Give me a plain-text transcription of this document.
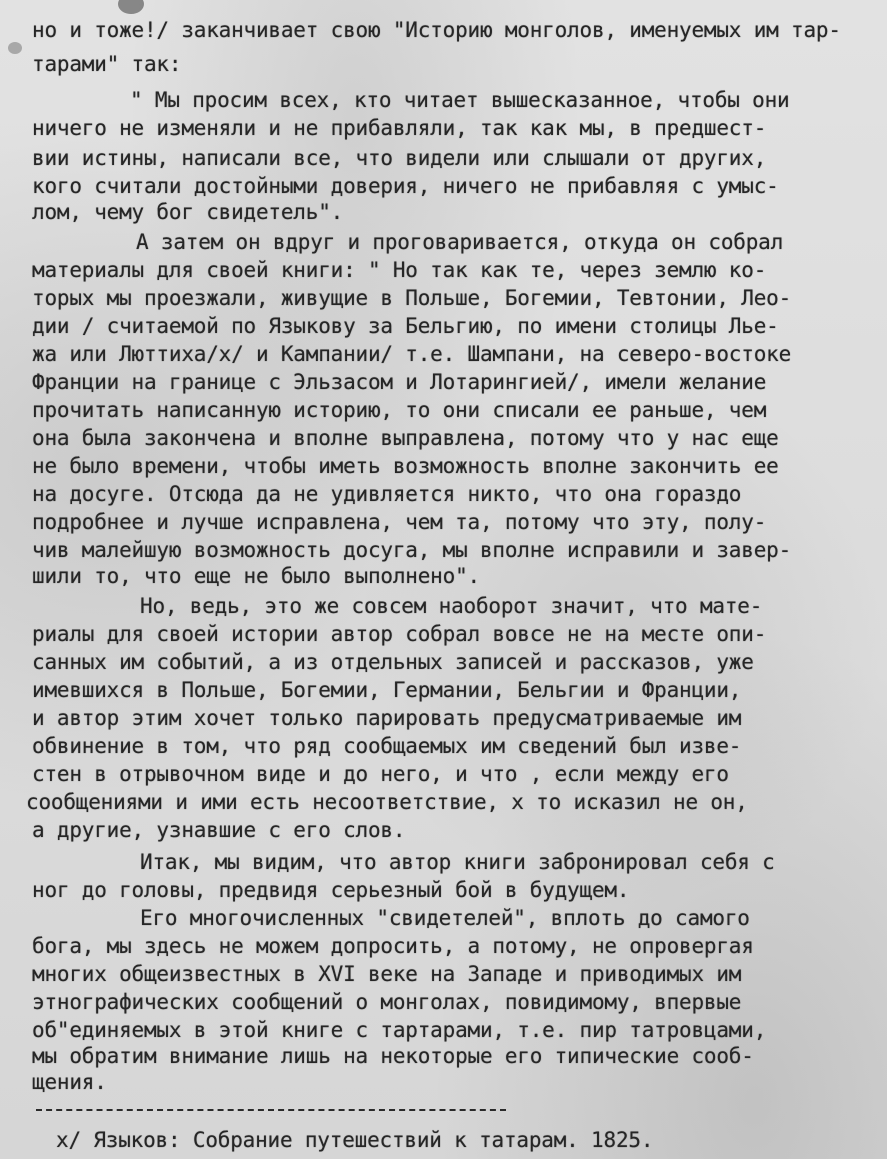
но и тоже!/ заканчивает свою "Историю монголов, именуемых им тар-
тарами" так:
" Мы просим всех, кто читает вышесказанное, чтобы они
ничего не изменяли и не прибавляли, так как мы, в предшест-
вии истины, написали все, что видели или слышали от других,
кого считали достойными доверия, ничего не прибавляя с умыс-
лом, чему бог свидетель".
А затем он вдруг и проговаривается, откуда он собрал
материалы для своей книги: " Но так как те, через землю ко-
торых мы проезжали, живущие в Польше, Богемии, Тевтонии, Лео-
дии / считаемой по Языкову за Бельгию, по имени столицы Лье-
жа или Люттиха/х/ и Кампании/ т.е. Шампани, на северо-востоке
Франции на границе с Эльзасом и Лотарингией/, имели желание
прочитать написанную историю, то они списали ее раньше, чем
она была закончена и вполне выправлена, потому что у нас еще
не было времени, чтобы иметь возможность вполне закончить ее
на досуге. Отсюда да не удивляется никто, что она гораздо
подробнее и лучше исправлена, чем та, потому что эту, полу-
чив малейшую возможность досуга, мы вполне исправили и завер-
шили то, что еще не было выполнено".
Но, ведь, это же совсем наоборот значит, что мате-
риалы для своей истории автор собрал вовсе не на месте опи-
санных им событий, а из отдельных записей и рассказов, уже
имевшихся в Польше, Богемии, Германии, Бельгии и Франции,
и автор этим хочет только парировать предусматриваемые им
обвинение в том, что ряд сообщаемых им сведений был изве-
стен в отрывочном виде и до него, и что , если между его
сообщениями и ими есть несоответствие, x то исказил не он,
а другие, узнавшие с его слов.
Итак, мы видим, что автор книги забронировал себя с
ног до головы, предвидя серьезный бой в будущем.
Его многочисленных "свидетелей", вплоть до самого
бога, мы здесь не можем допросить, а потому, не опровергая
многих общеизвестных в XVI веке на Западе и приводимых им
этнографических сообщений о монголах, повидимому, впервые
об"единяемых в этой книге с тартарами, т.е. пир татровцами,
мы обратим внимание лишь на некоторые его типические сооб-
щения.
х/ Языков: Собрание путешествий к татарам. 1825.
